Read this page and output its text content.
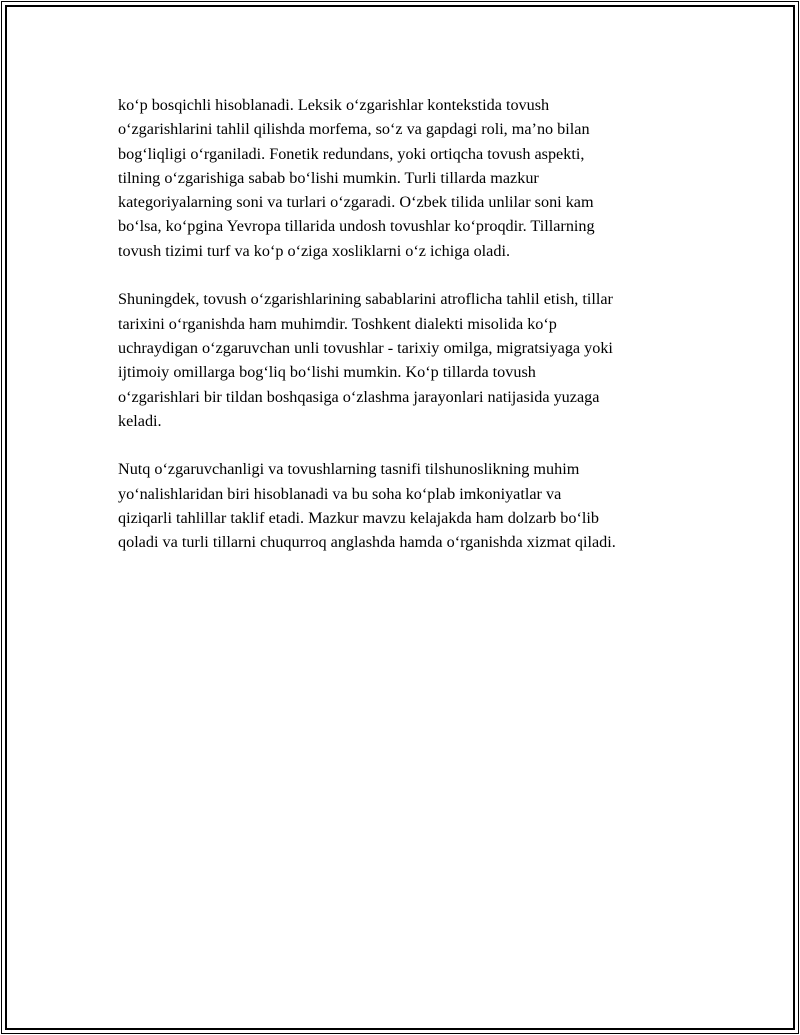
ko‘p bosqichli hisoblanadi. Leksik o‘zgarishlar kontekstida tovush
o‘zgarishlarini tahlil qilishda morfema, so‘z va gapdagi roli, ma’no bilan
bog‘liqligi o‘rganiladi. Fonetik redundans, yoki ortiqcha tovush aspekti,
tilning o‘zgarishiga sabab bo‘lishi mumkin. Turli tillarda mazkur
kategoriyalarning soni va turlari o‘zgaradi. O‘zbek tilida unlilar soni kam
bo‘lsa, ko‘pgina Yevropa tillarida undosh tovushlar ko‘proqdir. Tillarning
tovush tizimi turf va ko‘p o‘ziga xosliklarni o‘z ichiga oladi.

Shuningdek, tovush o‘zgarishlarining sabablarini atroflicha tahlil etish, tillar
tarixini o‘rganishda ham muhimdir. Toshkent dialekti misolida ko‘p
uchraydigan o‘zgaruvchan unli tovushlar - tarixiy omilga, migratsiyaga yoki
ijtimoiy omillarga bog‘liq bo‘lishi mumkin. Ko‘p tillarda tovush
o‘zgarishlari bir tildan boshqasiga o‘zlashma jarayonlari natijasida yuzaga
keladi.

Nutq o‘zgaruvchanligi va tovushlarning tasnifi tilshunoslikning muhim
yo‘nalishlaridan biri hisoblanadi va bu soha ko‘plab imkoniyatlar va
qiziqarli tahlillar taklif etadi. Mazkur mavzu kelajakda ham dolzarb bo‘lib
qoladi va turli tillarni chuqurroq anglashda hamda o‘rganishda xizmat qiladi.
